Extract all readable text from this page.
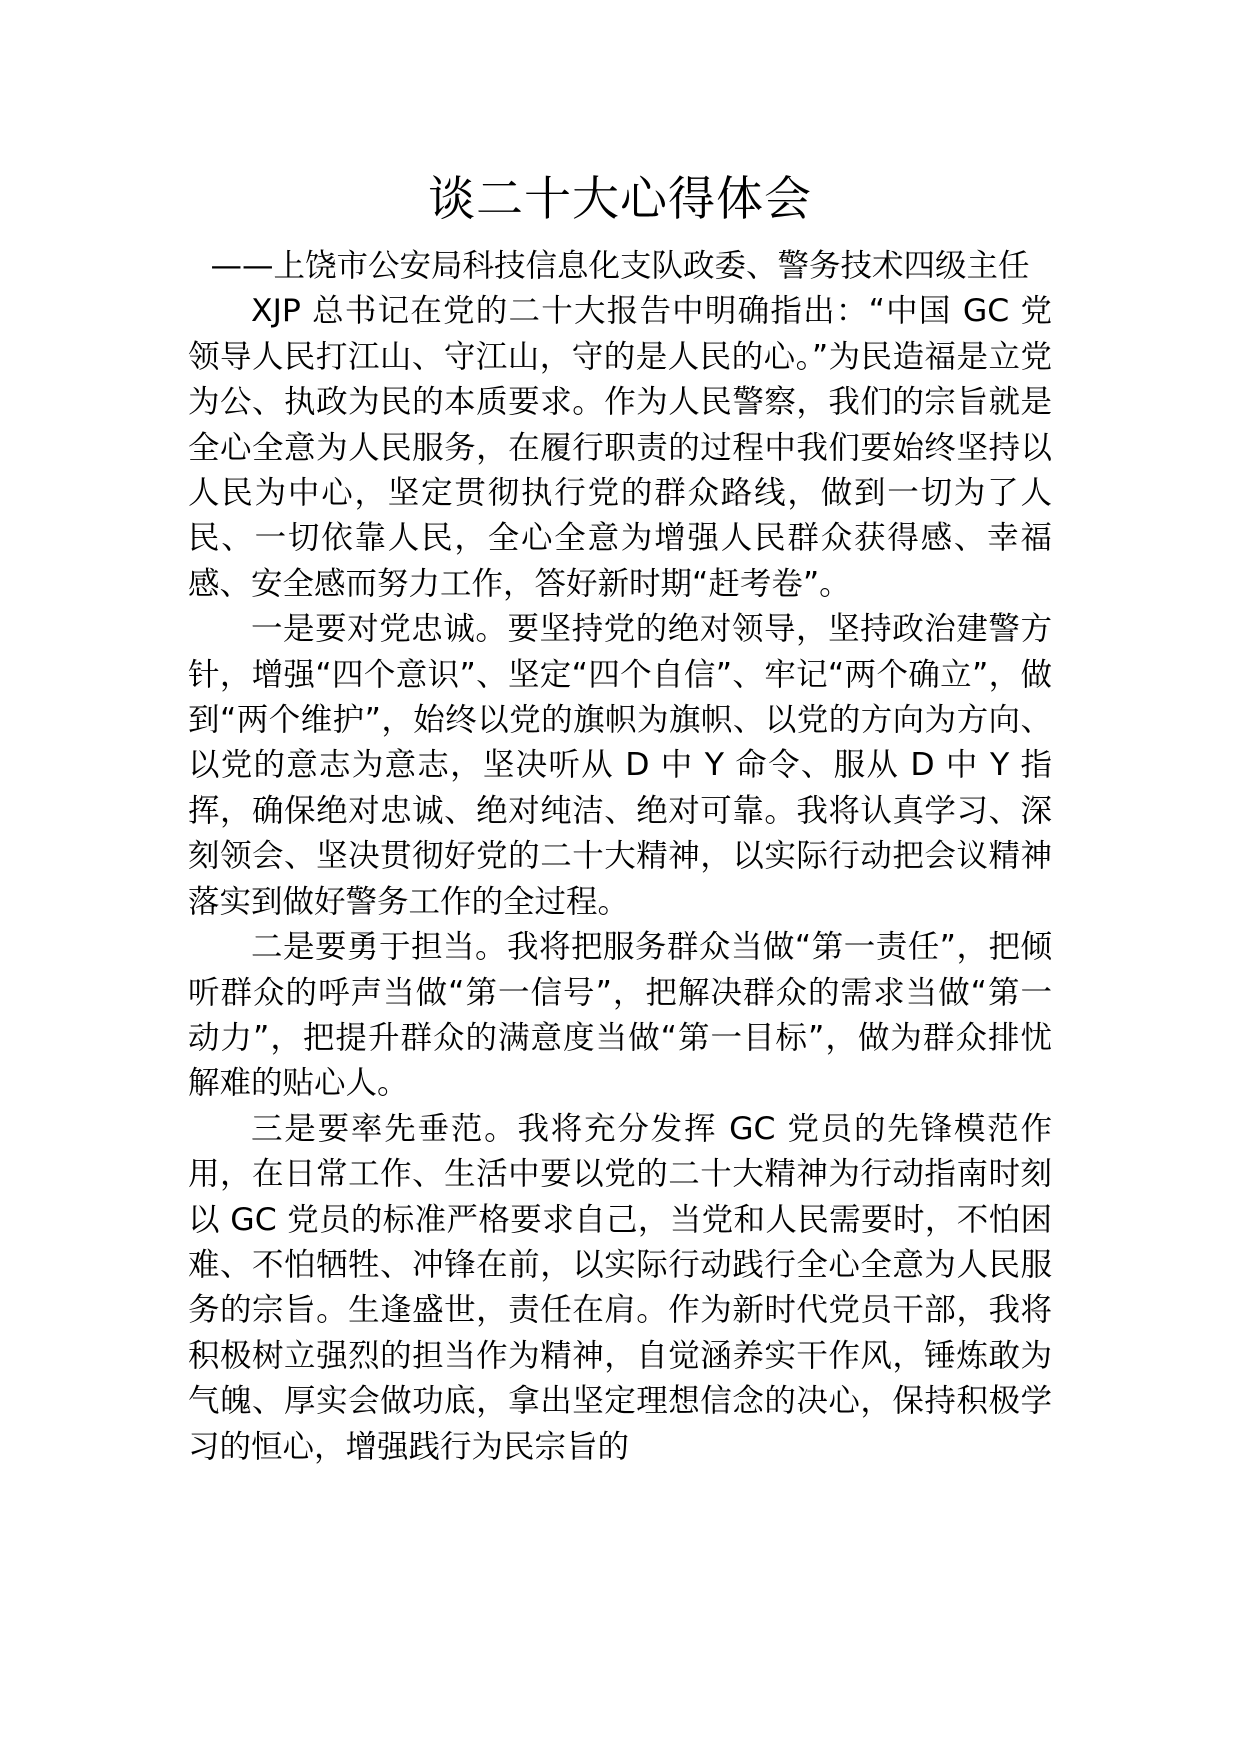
谈二十大心得体会

——上饶市公安局科技信息化支队政委、警务技术四级主任

XJP 总书记在党的二十大报告中明确指出：“中国 GC 党领导人民打江山、守江山，守的是人民的心。”为民造福是立党为公、执政为民的本质要求。作为人民警察，我们的宗旨就是全心全意为人民服务，在履行职责的过程中我们要始终坚持以人民为中心，坚定贯彻执行党的群众路线，做到一切为了人民、一切依靠人民，全心全意为增强人民群众获得感、幸福感、安全感而努力工作，答好新时期“赶考卷”。

一是要对党忠诚。要坚持党的绝对领导，坚持政治建警方针，增强“四个意识”、坚定“四个自信”、牢记“两个确立”，做到“两个维护”，始终以党的旗帜为旗帜、以党的方向为方向、以党的意志为意志，坚决听从 D 中 Y 命令、服从 D 中 Y 指挥，确保绝对忠诚、绝对纯洁、绝对可靠。我将认真学习、深刻领会、坚决贯彻好党的二十大精神，以实际行动把会议精神落实到做好警务工作的全过程。

二是要勇于担当。我将把服务群众当做“第一责任”，把倾听群众的呼声当做“第一信号”，把解决群众的需求当做“第一动力”，把提升群众的满意度当做“第一目标”，做为群众排忧解难的贴心人。

三是要率先垂范。我将充分发挥 GC 党员的先锋模范作用，在日常工作、生活中要以党的二十大精神为行动指南时刻以 GC 党员的标准严格要求自己，当党和人民需要时，不怕困难、不怕牺牲、冲锋在前，以实际行动践行全心全意为人民服务的宗旨。生逢盛世，责任在肩。作为新时代党员干部，我将积极树立强烈的担当作为精神，自觉涵养实干作风，锤炼敢为气魄、厚实会做功底，拿出坚定理想信念的决心，保持积极学习的恒心，增强践行为民宗旨的
